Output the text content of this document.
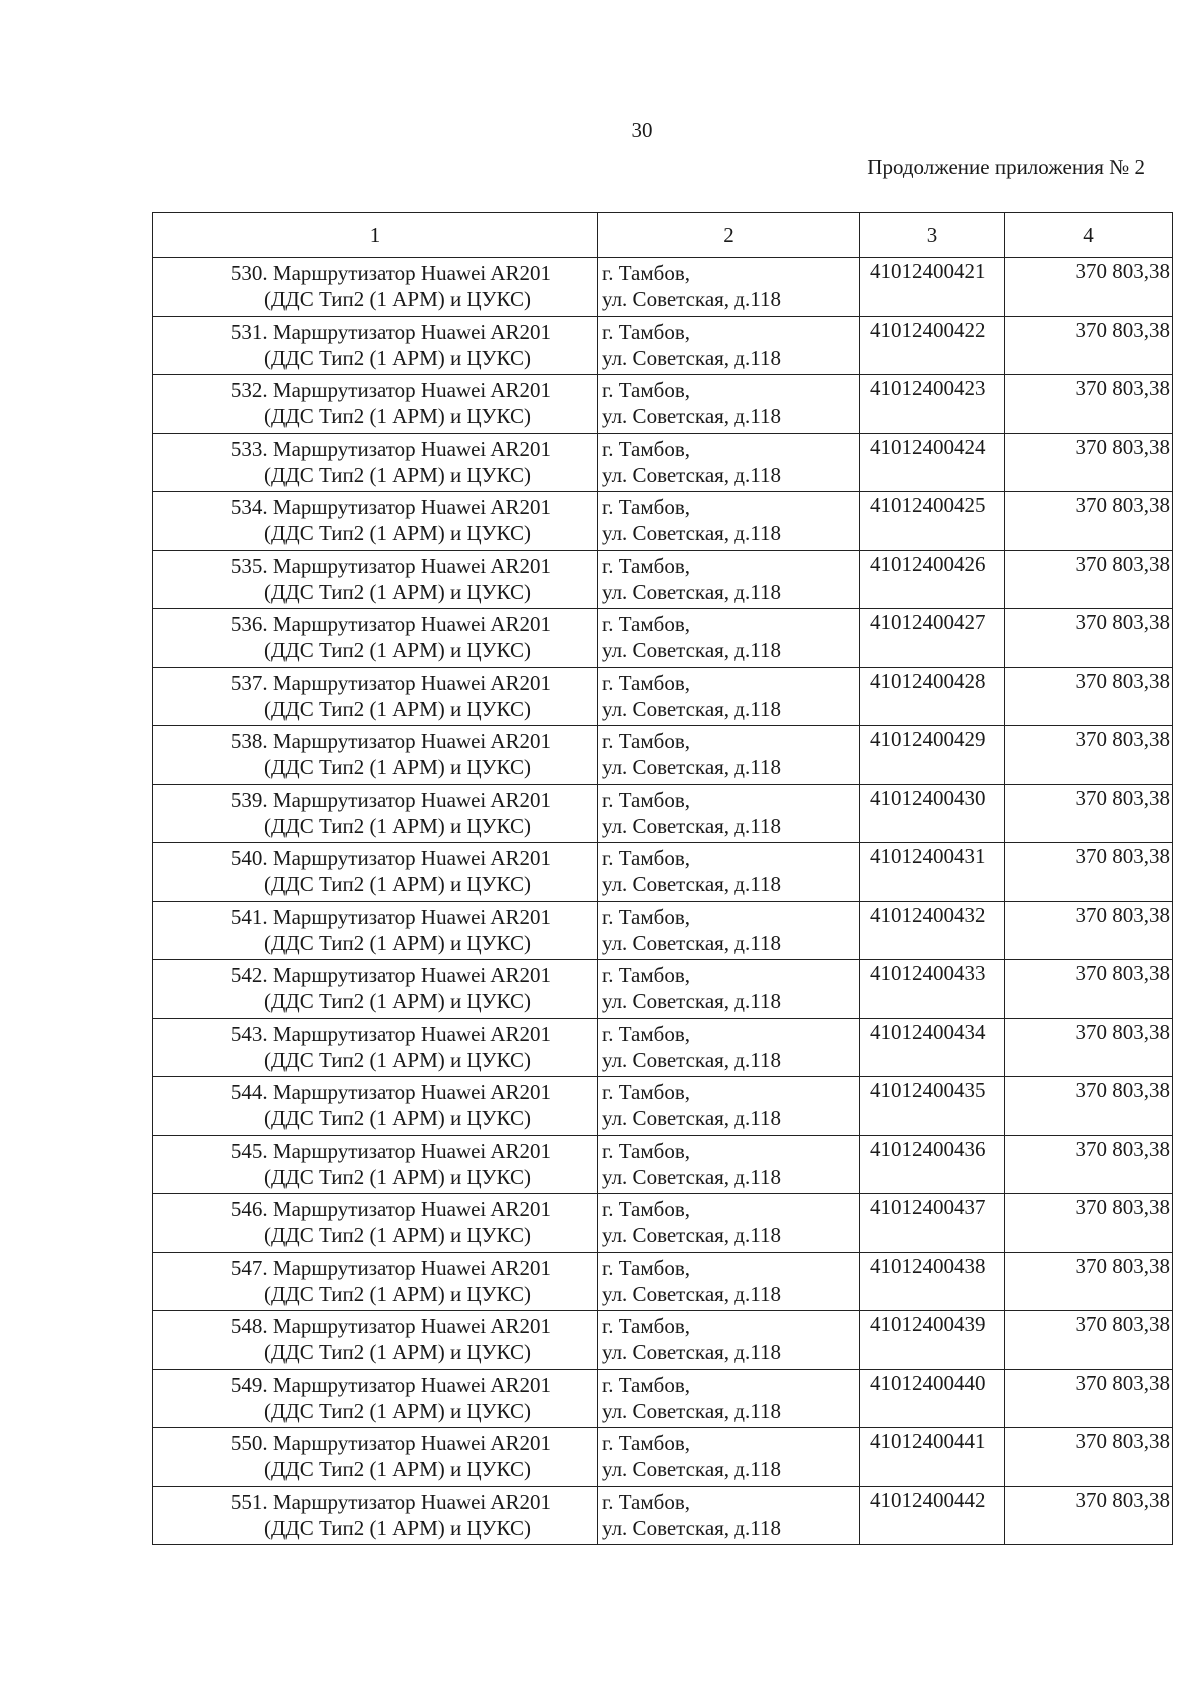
30
Продолжение приложения № 2
1	2	3	4

530. Маршрутизатор Huawei AR201
(ДДС Тип2 (1 АРМ) и ЦУКС)	г. Тамбов,
ул. Советская, д.118	41012400421	370 803,38

531. Маршрутизатор Huawei AR201
(ДДС Тип2 (1 АРМ) и ЦУКС)	г. Тамбов,
ул. Советская, д.118	41012400422	370 803,38

532. Маршрутизатор Huawei AR201
(ДДС Тип2 (1 АРМ) и ЦУКС)	г. Тамбов,
ул. Советская, д.118	41012400423	370 803,38

533. Маршрутизатор Huawei AR201
(ДДС Тип2 (1 АРМ) и ЦУКС)	г. Тамбов,
ул. Советская, д.118	41012400424	370 803,38

534. Маршрутизатор Huawei AR201
(ДДС Тип2 (1 АРМ) и ЦУКС)	г. Тамбов,
ул. Советская, д.118	41012400425	370 803,38

535. Маршрутизатор Huawei AR201
(ДДС Тип2 (1 АРМ) и ЦУКС)	г. Тамбов,
ул. Советская, д.118	41012400426	370 803,38

536. Маршрутизатор Huawei AR201
(ДДС Тип2 (1 АРМ) и ЦУКС)	г. Тамбов,
ул. Советская, д.118	41012400427	370 803,38

537. Маршрутизатор Huawei AR201
(ДДС Тип2 (1 АРМ) и ЦУКС)	г. Тамбов,
ул. Советская, д.118	41012400428	370 803,38

538. Маршрутизатор Huawei AR201
(ДДС Тип2 (1 АРМ) и ЦУКС)	г. Тамбов,
ул. Советская, д.118	41012400429	370 803,38

539. Маршрутизатор Huawei AR201
(ДДС Тип2 (1 АРМ) и ЦУКС)	г. Тамбов,
ул. Советская, д.118	41012400430	370 803,38

540. Маршрутизатор Huawei AR201
(ДДС Тип2 (1 АРМ) и ЦУКС)	г. Тамбов,
ул. Советская, д.118	41012400431	370 803,38

541. Маршрутизатор Huawei AR201
(ДДС Тип2 (1 АРМ) и ЦУКС)	г. Тамбов,
ул. Советская, д.118	41012400432	370 803,38

542. Маршрутизатор Huawei AR201
(ДДС Тип2 (1 АРМ) и ЦУКС)	г. Тамбов,
ул. Советская, д.118	41012400433	370 803,38

543. Маршрутизатор Huawei AR201
(ДДС Тип2 (1 АРМ) и ЦУКС)	г. Тамбов,
ул. Советская, д.118	41012400434	370 803,38

544. Маршрутизатор Huawei AR201
(ДДС Тип2 (1 АРМ) и ЦУКС)	г. Тамбов,
ул. Советская, д.118	41012400435	370 803,38

545. Маршрутизатор Huawei AR201
(ДДС Тип2 (1 АРМ) и ЦУКС)	г. Тамбов,
ул. Советская, д.118	41012400436	370 803,38

546. Маршрутизатор Huawei AR201
(ДДС Тип2 (1 АРМ) и ЦУКС)	г. Тамбов,
ул. Советская, д.118	41012400437	370 803,38

547. Маршрутизатор Huawei AR201
(ДДС Тип2 (1 АРМ) и ЦУКС)	г. Тамбов,
ул. Советская, д.118	41012400438	370 803,38

548. Маршрутизатор Huawei AR201
(ДДС Тип2 (1 АРМ) и ЦУКС)	г. Тамбов,
ул. Советская, д.118	41012400439	370 803,38

549. Маршрутизатор Huawei AR201
(ДДС Тип2 (1 АРМ) и ЦУКС)	г. Тамбов,
ул. Советская, д.118	41012400440	370 803,38

550. Маршрутизатор Huawei AR201
(ДДС Тип2 (1 АРМ) и ЦУКС)	г. Тамбов,
ул. Советская, д.118	41012400441	370 803,38

551. Маршрутизатор Huawei AR201
(ДДС Тип2 (1 АРМ) и ЦУКС)	г. Тамбов,
ул. Советская, д.118	41012400442	370 803,38
